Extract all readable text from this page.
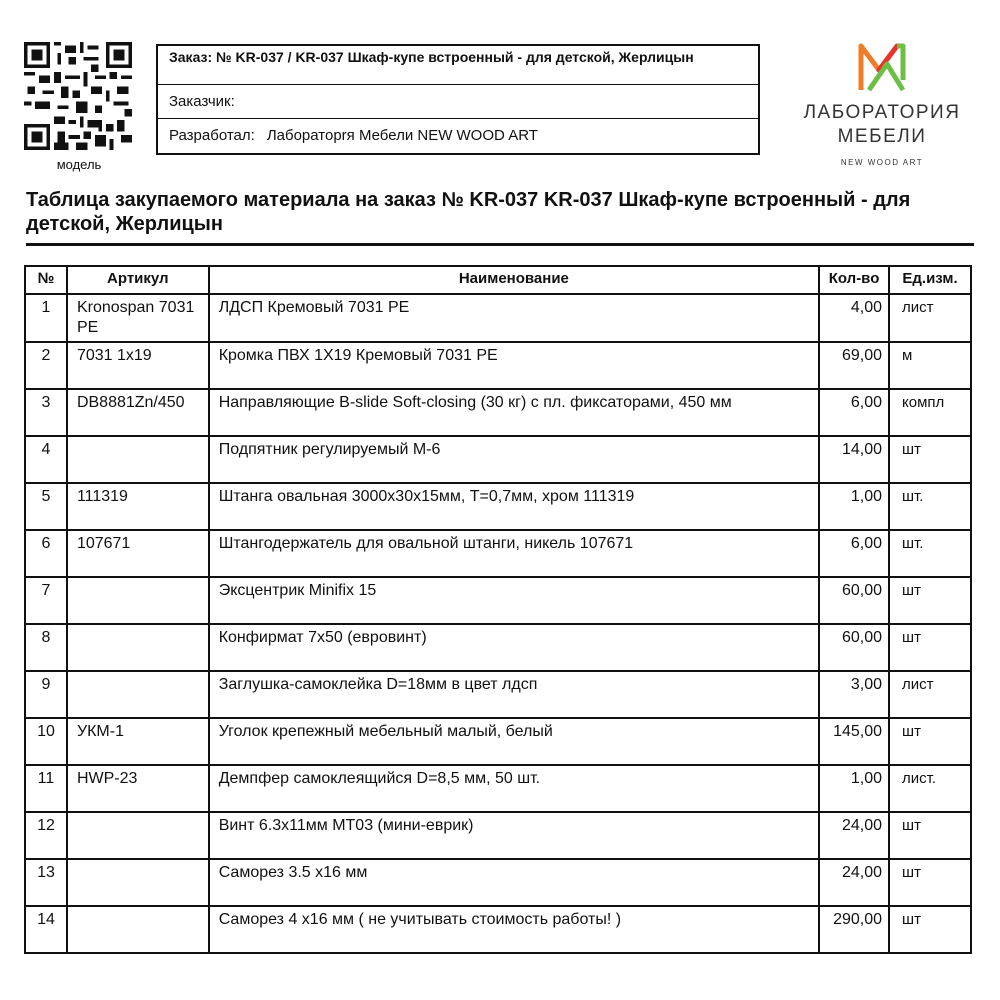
модель
Заказ: № KR-037 / KR-037 Шкаф-купе встроенный - для детской, Жерлицын
Заказчик:
Разработал: Лаборатоprя Мебели NEW WOOD ART
ЛАБОРАТОРИЯ
МЕБЕЛИ
NEW WOOD ART
Таблица закупаемого материала на заказ № KR-037 KR-037 Шкаф-купе встроенный - для детской, Жерлицын
№	Артикул	Наименование	Кол-во	Ед.изм.
1	Kronospan 7031 PE	ЛДСП Кремовый 7031 PE	4,00	лист
2	7031 1x19	Кромка ПВХ 1Х19 Кремовый 7031 PE	69,00	м
3	DB8881Zn/450	Направляющие B-slide Soft-closing (30 кг) с пл. фиксаторами, 450 мм	6,00	компл
4		Подпятник регулируемый М-6	14,00	шт
5	111319	Штанга овальная 3000х30х15мм, Т=0,7мм, хром 111319	1,00	шт.
6	107671	Штангодержатель для овальной штанги, никель 107671	6,00	шт.
7		Эксцентрик Minifix 15	60,00	шт
8		Конфирмат 7х50 (евровинт)	60,00	шт
9		Заглушка-самоклейка D=18мм в цвет лдсп	3,00	лист
10	УКМ-1	Уголок крепежный мебельный малый, белый	145,00	шт
11	HWP-23	Демпфер самоклеящийся D=8,5 мм, 50 шт.	1,00	лист.
12		Винт 6.3х11мм МТ03 (мини-еврик)	24,00	шт
13		Саморез 3.5 х16 мм	24,00	шт
14		Саморез 4 х16 мм ( не учитывать стоимость работы! )	290,00	шт
